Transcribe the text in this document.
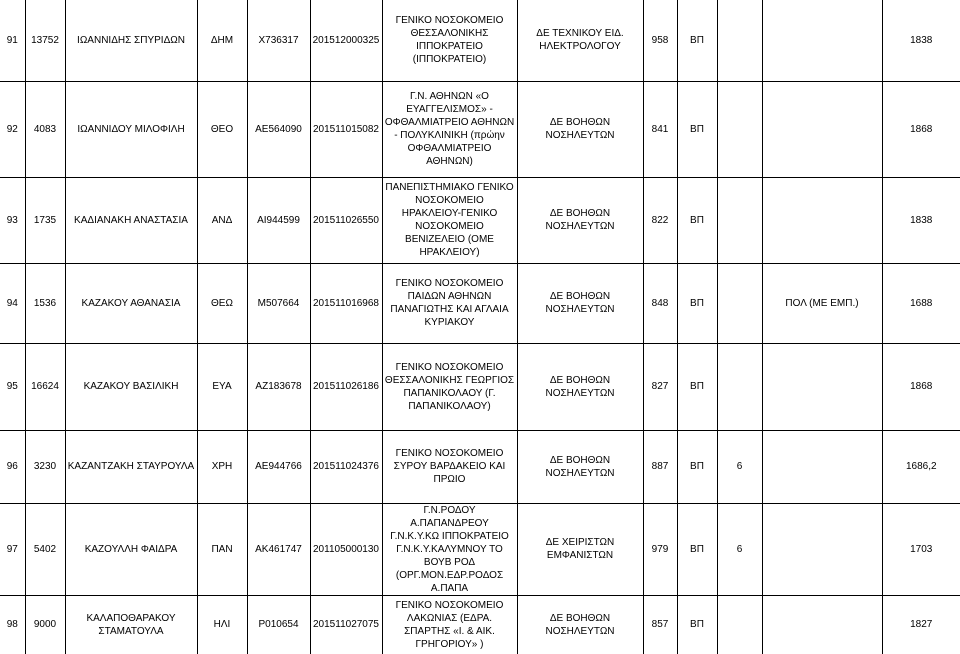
91	13752	ΙΩΑΝΝΙΔΗΣ ΣΠΥΡΙΔΩΝ	ΔΗΜ	Χ736317	201512000325	ΓΕΝΙΚΟ ΝΟΣΟΚΟΜΕΙΟ ΘΕΣΣΑΛΟΝΙΚΗΣ ΙΠΠΟΚΡΑΤΕΙΟ (ΙΠΠΟΚΡΑΤΕΙΟ)	ΔΕ ΤΕΧΝΙΚΟΥ ΕΙΔ. ΗΛΕΚΤΡΟΛΟΓΟΥ	958	ΒΠ			1838
92	4083	ΙΩΑΝΝΙΔΟΥ ΜΙΛΟΦΙΛΗ	ΘΕΟ	ΑΕ564090	201511015082	Γ.Ν. ΑΘΗΝΩΝ «Ο ΕΥΑΓΓΕΛΙΣΜΟΣ» - ΟΦΘΑΛΜΙΑΤΡΕΙΟ ΑΘΗΝΩΝ - ΠΟΛΥΚΛΙΝΙΚΗ (πρώην ΟΦΘΑΛΜΙΑΤΡΕΙΟ ΑΘΗΝΩΝ)	ΔΕ ΒΟΗΘΩΝ ΝΟΣΗΛΕΥΤΩΝ	841	ΒΠ			1868
93	1735	ΚΑΔΙΑΝΑΚΗ ΑΝΑΣΤΑΣΙΑ	ΑΝΔ	ΑΙ944599	201511026550	ΠΑΝΕΠΙΣΤΗΜΙΑΚΟ ΓΕΝΙΚΟ ΝΟΣΟΚΟΜΕΙΟ ΗΡΑΚΛΕΙΟΥ-ΓΕΝΙΚΟ ΝΟΣΟΚΟΜΕΙΟ ΒΕΝΙΖΕΛΕΙΟ (ΟΜΕ ΗΡΑΚΛΕΙΟΥ)	ΔΕ ΒΟΗΘΩΝ ΝΟΣΗΛΕΥΤΩΝ	822	ΒΠ			1838
94	1536	ΚΑΖΑΚΟΥ ΑΘΑΝΑΣΙΑ	ΘΕΩ	Μ507664	201511016968	ΓΕΝΙΚΟ ΝΟΣΟΚΟΜΕΙΟ ΠΑΙΔΩΝ ΑΘΗΝΩΝ ΠΑΝΑΓΙΩΤΗΣ ΚΑΙ ΑΓΛΑΙΑ ΚΥΡΙΑΚΟΥ	ΔΕ ΒΟΗΘΩΝ ΝΟΣΗΛΕΥΤΩΝ	848	ΒΠ		ΠΟΛ (ΜΕ ΕΜΠ.)	1688
95	16624	ΚΑΖΑΚΟΥ ΒΑΣΙΛΙΚΗ	ΕΥΑ	ΑΖ183678	201511026186	ΓΕΝΙΚΟ ΝΟΣΟΚΟΜΕΙΟ ΘΕΣΣΑΛΟΝΙΚΗΣ ΓΕΩΡΓΙΟΣ ΠΑΠΑΝΙΚΟΛΑΟΥ (Γ. ΠΑΠΑΝΙΚΟΛΑΟΥ)	ΔΕ ΒΟΗΘΩΝ ΝΟΣΗΛΕΥΤΩΝ	827	ΒΠ			1868
96	3230	ΚΑΖΑΝΤΖΑΚΗ ΣΤΑΥΡΟΥΛΑ	ΧΡΗ	ΑΕ944766	201511024376	ΓΕΝΙΚΟ ΝΟΣΟΚΟΜΕΙΟ ΣΥΡΟΥ ΒΑΡΔΑΚΕΙΟ ΚΑΙ ΠΡΩΙΟ	ΔΕ ΒΟΗΘΩΝ ΝΟΣΗΛΕΥΤΩΝ	887	ΒΠ	6		1686,2
97	5402	ΚΑΖΟΥΛΛΗ ΦΑΙΔΡΑ	ΠΑΝ	ΑΚ461747	201105000130	Γ.Ν.ΡΟΔΟΥ Α.ΠΑΠΑΝΔΡΕΟΥ Γ.Ν.Κ.Υ.ΚΩ ΙΠΠΟΚΡΑΤΕΙΟ Γ.Ν.Κ.Υ.ΚΑΛΥΜΝΟΥ ΤΟ ΒΟΥΒ ΡΟΔ (ΟΡΓ.ΜΟΝ.ΕΔΡ.ΡΟΔΟΣ Α.ΠΑΠΑ	ΔΕ ΧΕΙΡΙΣΤΩΝ ΕΜΦΑΝΙΣΤΩΝ	979	ΒΠ	6		1703
98	9000	ΚΑΛΑΠΟΘΑΡΑΚΟΥ ΣΤΑΜΑΤΟΥΛΑ	ΗΛΙ	Ρ010654	201511027075	ΓΕΝΙΚΟ ΝΟΣΟΚΟΜΕΙΟ ΛΑΚΩΝΙΑΣ (ΕΔΡΑ. ΣΠΑΡΤΗΣ «Ι. & ΑΙΚ. ΓΡΗΓΟΡΙΟΥ» )	ΔΕ ΒΟΗΘΩΝ ΝΟΣΗΛΕΥΤΩΝ	857	ΒΠ			1827
